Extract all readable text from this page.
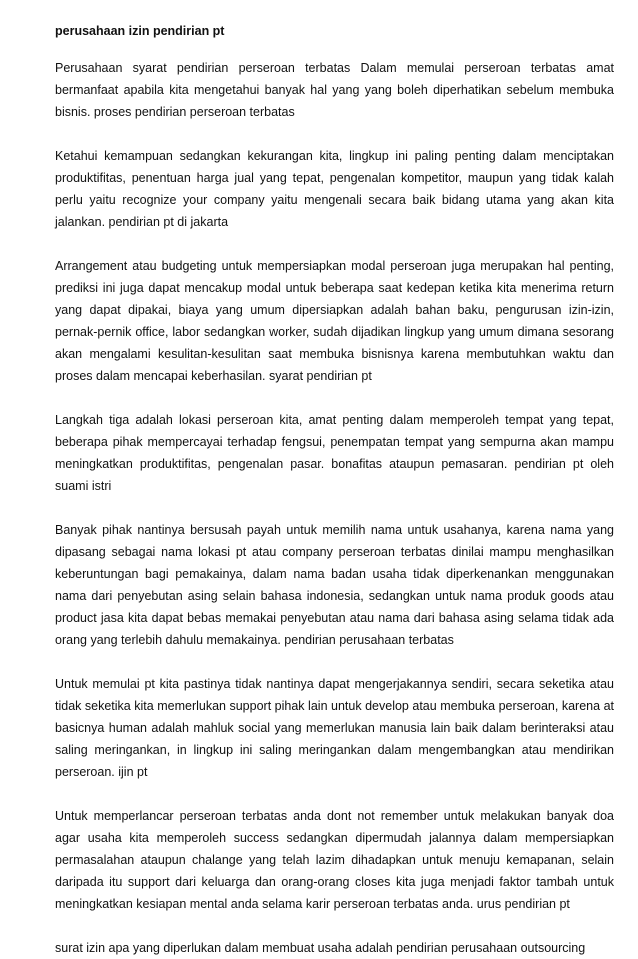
perusahaan izin pendirian pt

Perusahaan syarat pendirian perseroan terbatas Dalam memulai perseroan terbatas amat bermanfaat apabila kita mengetahui banyak hal yang yang boleh diperhatikan sebelum membuka bisnis. proses pendirian perseroan terbatas

Ketahui kemampuan sedangkan kekurangan kita, lingkup ini paling penting dalam menciptakan produktifitas, penentuan harga jual yang tepat, pengenalan kompetitor, maupun yang tidak kalah perlu yaitu recognize your company yaitu mengenali secara baik bidang utama yang akan kita jalankan. pendirian pt di jakarta

Arrangement atau budgeting untuk mempersiapkan modal perseroan juga merupakan hal penting, prediksi ini juga dapat mencakup modal untuk beberapa saat kedepan ketika kita menerima return yang dapat dipakai, biaya yang umum dipersiapkan adalah bahan baku, pengurusan izin-izin, pernak-pernik office, labor sedangkan worker, sudah dijadikan lingkup yang umum dimana sesorang akan mengalami kesulitan-kesulitan saat membuka bisnisnya karena membutuhkan waktu dan proses dalam mencapai keberhasilan. syarat pendirian pt

Langkah tiga adalah lokasi perseroan kita, amat penting dalam memperoleh tempat yang tepat, beberapa pihak mempercayai terhadap fengsui, penempatan tempat yang sempurna akan mampu meningkatkan produktifitas, pengenalan pasar. bonafitas ataupun pemasaran. pendirian pt oleh suami istri

Banyak pihak nantinya bersusah payah untuk memilih nama untuk usahanya, karena nama yang dipasang sebagai nama lokasi pt atau company perseroan terbatas dinilai mampu menghasilkan keberuntungan bagi pemakainya, dalam nama badan usaha tidak diperkenankan menggunakan nama dari penyebutan asing selain bahasa indonesia, sedangkan untuk nama produk goods atau product jasa kita dapat bebas memakai penyebutan atau nama dari bahasa asing selama tidak ada orang yang terlebih dahulu memakainya. pendirian perusahaan terbatas

Untuk memulai pt kita pastinya tidak nantinya dapat mengerjakannya sendiri, secara seketika atau tidak seketika kita memerlukan support pihak lain untuk develop atau membuka perseroan, karena at basicnya human adalah mahluk social yang memerlukan manusia lain baik dalam berinteraksi atau saling meringankan, in lingkup ini saling meringankan dalam mengembangkan atau mendirikan perseroan. ijin pt

Untuk memperlancar perseroan terbatas anda dont not remember untuk melakukan banyak doa agar usaha kita memperoleh success sedangkan dipermudah jalannya dalam mempersiapkan permasalahan ataupun chalange yang telah lazim dihadapkan untuk menuju kemapanan, selain daripada itu support dari keluarga dan orang-orang closes kita juga menjadi faktor tambah untuk meningkatkan kesiapan mental anda selama karir perseroan terbatas anda. urus pendirian pt

surat izin apa yang diperlukan dalam membuat usaha adalah pendirian perusahaan outsourcing
